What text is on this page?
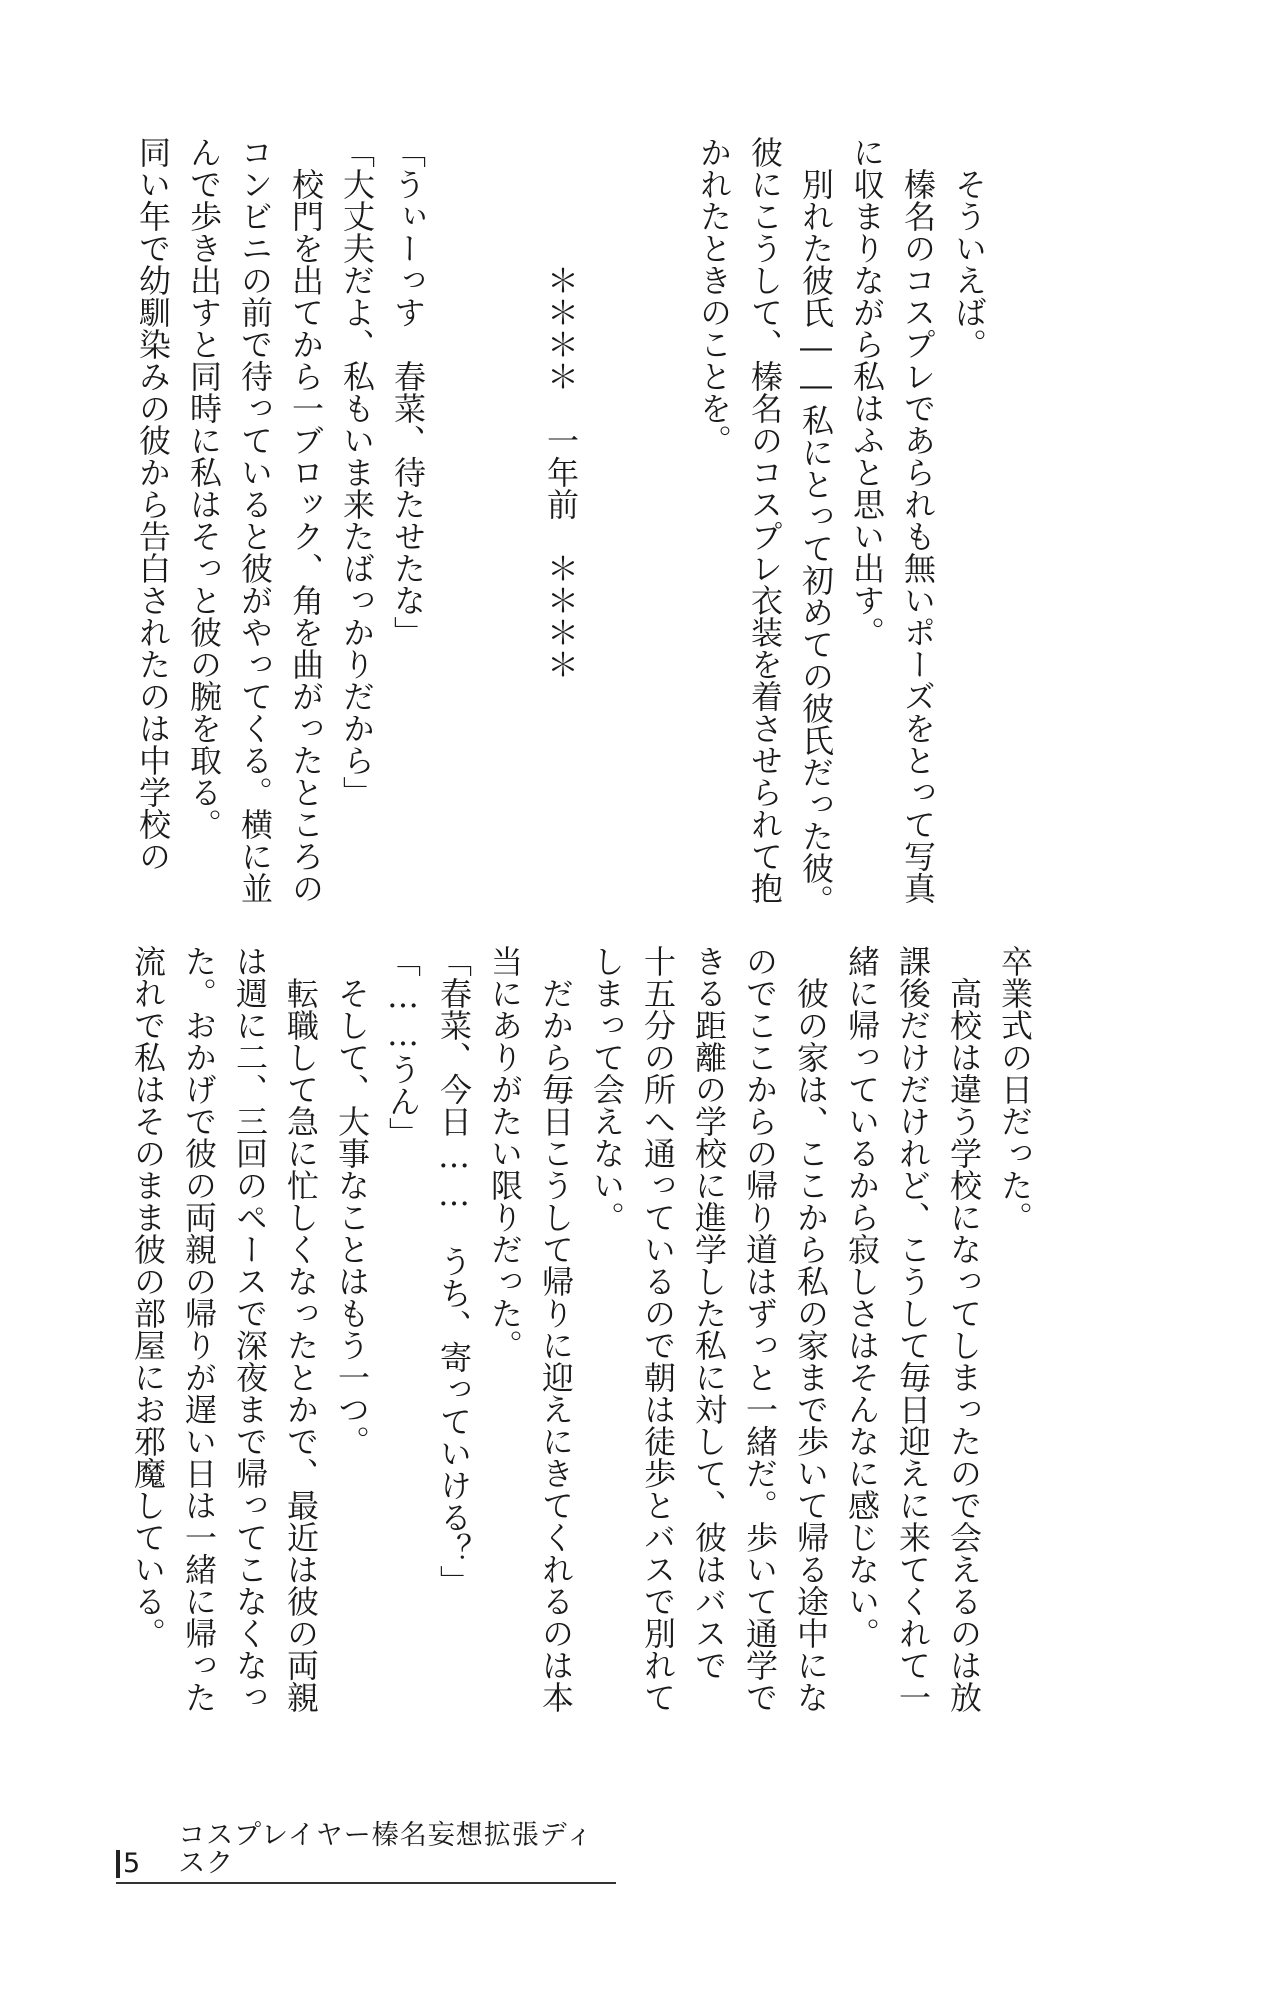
そういえば。
榛名のコスプレであられも無いポーズをとって写真
に収まりながら私はふと思い出す。
別れた彼氏――私にとって初めての彼氏だった彼。
彼にこうして、榛名のコスプレ衣装を着させられて抱
かれたときのことを。
＊＊＊＊　一年前　＊＊＊＊
「うぃーっす　春菜、待たせたな」
「大丈夫だよ、私もいま来たばっかりだから」
校門を出てから一ブロック、角を曲がったところの
コンビニの前で待っていると彼がやってくる。横に並
んで歩き出すと同時に私はそっと彼の腕を取る。
同い年で幼馴染みの彼から告白されたのは中学校の
卒業式の日だった。
高校は違う学校になってしまったので会えるのは放
課後だけだけれど、こうして毎日迎えに来てくれて一
緒に帰っているから寂しさはそんなに感じない。
彼の家は、ここから私の家まで歩いて帰る途中にな
のでここからの帰り道はずっと一緒だ。歩いて通学で
きる距離の学校に進学した私に対して、彼はバスで
十五分の所へ通っているので朝は徒歩とバスで別れて
しまって会えない。
だから毎日こうして帰りに迎えにきてくれるのは本
当にありがたい限りだった。
「春菜、今日……　うち、寄っていける？」
「……うん」
そして、大事なことはもう一つ。
転職して急に忙しくなったとかで、最近は彼の両親
は週に二、三回のペースで深夜まで帰ってこなくなっ
た。おかげで彼の両親の帰りが遅い日は一緒に帰った
流れで私はそのまま彼の部屋にお邪魔している。
5
コスプレイヤー榛名妄想拡張ディスク
